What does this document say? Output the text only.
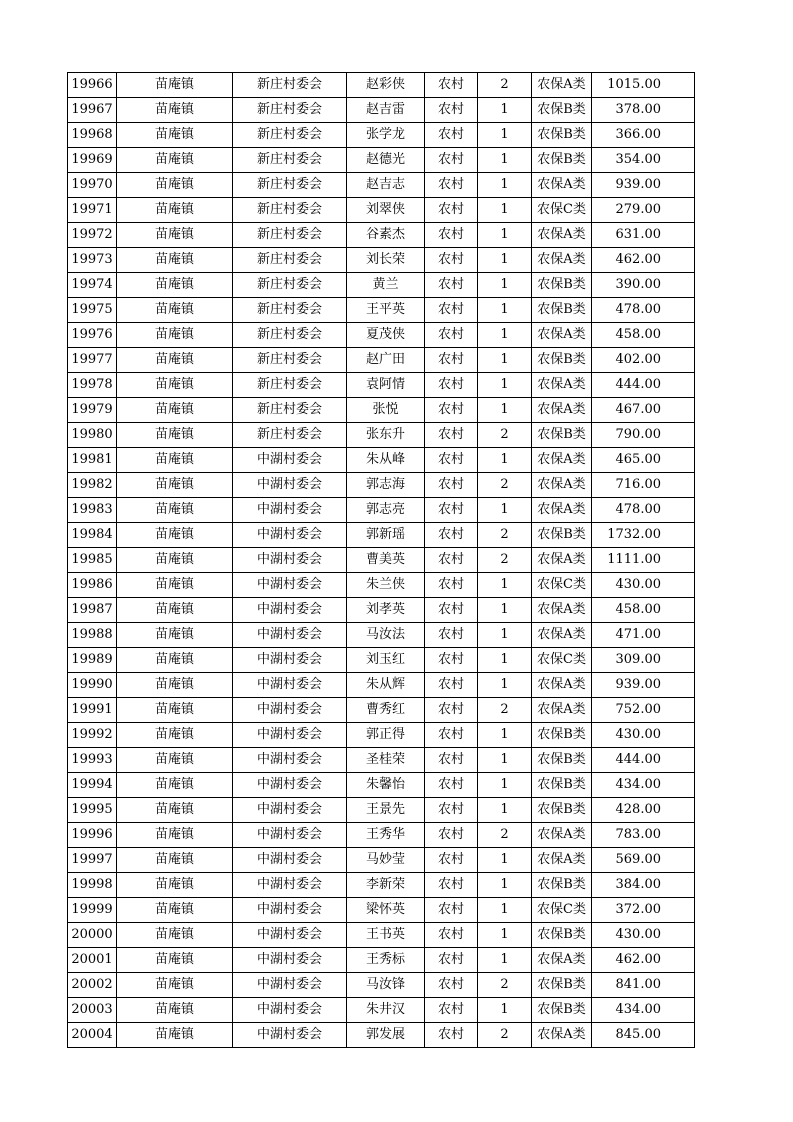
19966	苗庵镇	新庄村委会	赵彩侠	农村	2	农保A类	1015.00
19967	苗庵镇	新庄村委会	赵吉雷	农村	1	农保B类	378.00
19968	苗庵镇	新庄村委会	张学龙	农村	1	农保B类	366.00
19969	苗庵镇	新庄村委会	赵德光	农村	1	农保B类	354.00
19970	苗庵镇	新庄村委会	赵吉志	农村	1	农保A类	939.00
19971	苗庵镇	新庄村委会	刘翠侠	农村	1	农保C类	279.00
19972	苗庵镇	新庄村委会	谷素杰	农村	1	农保A类	631.00
19973	苗庵镇	新庄村委会	刘长荣	农村	1	农保A类	462.00
19974	苗庵镇	新庄村委会	黄兰	农村	1	农保B类	390.00
19975	苗庵镇	新庄村委会	王平英	农村	1	农保B类	478.00
19976	苗庵镇	新庄村委会	夏茂侠	农村	1	农保A类	458.00
19977	苗庵镇	新庄村委会	赵广田	农村	1	农保B类	402.00
19978	苗庵镇	新庄村委会	袁阿情	农村	1	农保A类	444.00
19979	苗庵镇	新庄村委会	张悦	农村	1	农保A类	467.00
19980	苗庵镇	新庄村委会	张东升	农村	2	农保B类	790.00
19981	苗庵镇	中湖村委会	朱从峰	农村	1	农保A类	465.00
19982	苗庵镇	中湖村委会	郭志海	农村	2	农保A类	716.00
19983	苗庵镇	中湖村委会	郭志亮	农村	1	农保A类	478.00
19984	苗庵镇	中湖村委会	郭新瑶	农村	2	农保B类	1732.00
19985	苗庵镇	中湖村委会	曹美英	农村	2	农保A类	1111.00
19986	苗庵镇	中湖村委会	朱兰侠	农村	1	农保C类	430.00
19987	苗庵镇	中湖村委会	刘孝英	农村	1	农保A类	458.00
19988	苗庵镇	中湖村委会	马汝法	农村	1	农保A类	471.00
19989	苗庵镇	中湖村委会	刘玉红	农村	1	农保C类	309.00
19990	苗庵镇	中湖村委会	朱从辉	农村	1	农保A类	939.00
19991	苗庵镇	中湖村委会	曹秀红	农村	2	农保A类	752.00
19992	苗庵镇	中湖村委会	郭正得	农村	1	农保B类	430.00
19993	苗庵镇	中湖村委会	圣桂荣	农村	1	农保B类	444.00
19994	苗庵镇	中湖村委会	朱馨怡	农村	1	农保B类	434.00
19995	苗庵镇	中湖村委会	王景先	农村	1	农保B类	428.00
19996	苗庵镇	中湖村委会	王秀华	农村	2	农保A类	783.00
19997	苗庵镇	中湖村委会	马妙莹	农村	1	农保A类	569.00
19998	苗庵镇	中湖村委会	李新荣	农村	1	农保B类	384.00
19999	苗庵镇	中湖村委会	梁怀英	农村	1	农保C类	372.00
20000	苗庵镇	中湖村委会	王书英	农村	1	农保B类	430.00
20001	苗庵镇	中湖村委会	王秀标	农村	1	农保A类	462.00
20002	苗庵镇	中湖村委会	马汝锋	农村	2	农保B类	841.00
20003	苗庵镇	中湖村委会	朱井汉	农村	1	农保B类	434.00
20004	苗庵镇	中湖村委会	郭发展	农村	2	农保A类	845.00
